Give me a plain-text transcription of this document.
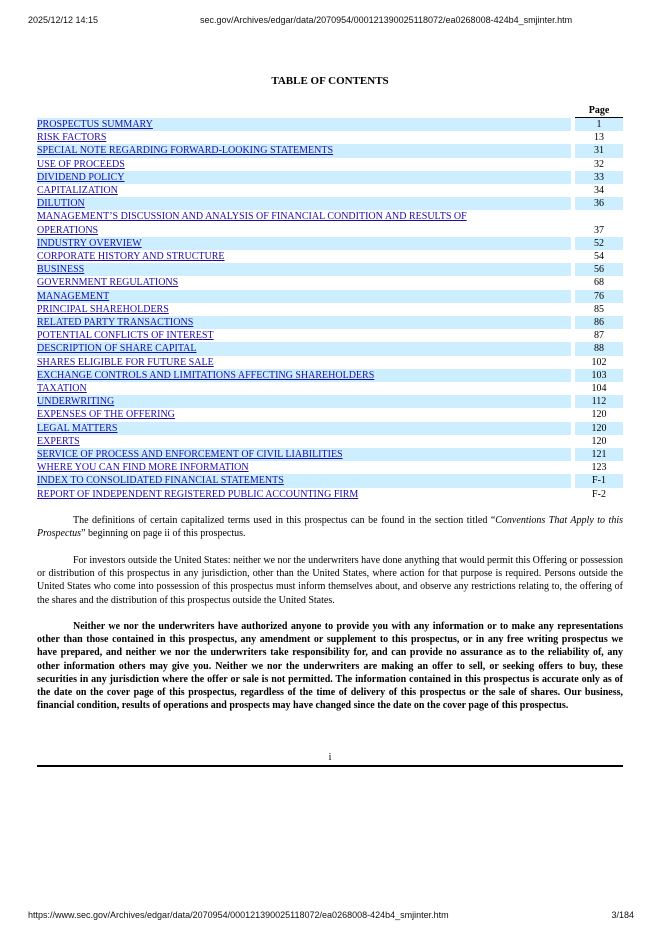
2025/12/12 14:15	sec.gov/Archives/edgar/data/2070954/000121390025118072/ea0268008-424b4_smjinter.htm
TABLE OF CONTENTS
Page
PROSPECTUS SUMMARY	1
RISK FACTORS	13
SPECIAL NOTE REGARDING FORWARD-LOOKING STATEMENTS	31
USE OF PROCEEDS	32
DIVIDEND POLICY	33
CAPITALIZATION	34
DILUTION	36
MANAGEMENT’S DISCUSSION AND ANALYSIS OF FINANCIAL CONDITION AND RESULTS OF OPERATIONS	37
INDUSTRY OVERVIEW	52
CORPORATE HISTORY AND STRUCTURE	54
BUSINESS	56
GOVERNMENT REGULATIONS	68
MANAGEMENT	76
PRINCIPAL SHAREHOLDERS	85
RELATED PARTY TRANSACTIONS	86
POTENTIAL CONFLICTS OF INTEREST	87
DESCRIPTION OF SHARE CAPITAL	88
SHARES ELIGIBLE FOR FUTURE SALE	102
EXCHANGE CONTROLS AND LIMITATIONS AFFECTING SHAREHOLDERS	103
TAXATION	104
UNDERWRITING	112
EXPENSES OF THE OFFERING	120
LEGAL MATTERS	120
EXPERTS	120
SERVICE OF PROCESS AND ENFORCEMENT OF CIVIL LIABILITIES	121
WHERE YOU CAN FIND MORE INFORMATION	123
INDEX TO CONSOLIDATED FINANCIAL STATEMENTS	F-1
REPORT OF INDEPENDENT REGISTERED PUBLIC ACCOUNTING FIRM	F-2

The definitions of certain capitalized terms used in this prospectus can be found in the section titled “Conventions That Apply to this Prospectus” beginning on page ii of this prospectus.

For investors outside the United States: neither we nor the underwriters have done anything that would permit this Offering or possession or distribution of this prospectus in any jurisdiction, other than the United States, where action for that purpose is required. Persons outside the United States who come into possession of this prospectus must inform themselves about, and observe any restrictions relating to, the offering of the shares and the distribution of this prospectus outside the United States.

Neither we nor the underwriters have authorized anyone to provide you with any information or to make any representations other than those contained in this prospectus, any amendment or supplement to this prospectus, or in any free writing prospectus we have prepared, and neither we nor the underwriters take responsibility for, and can provide no assurance as to the reliability of, any other information others may give you. Neither we nor the underwriters are making an offer to sell, or seeking offers to buy, these securities in any jurisdiction where the offer or sale is not permitted. The information contained in this prospectus is accurate only as of the date on the cover page of this prospectus, regardless of the time of delivery of this prospectus or the sale of shares. Our business, financial condition, results of operations and prospects may have changed since the date on the cover page of this prospectus.

i
https://www.sec.gov/Archives/edgar/data/2070954/000121390025118072/ea0268008-424b4_smjinter.htm	3/184
